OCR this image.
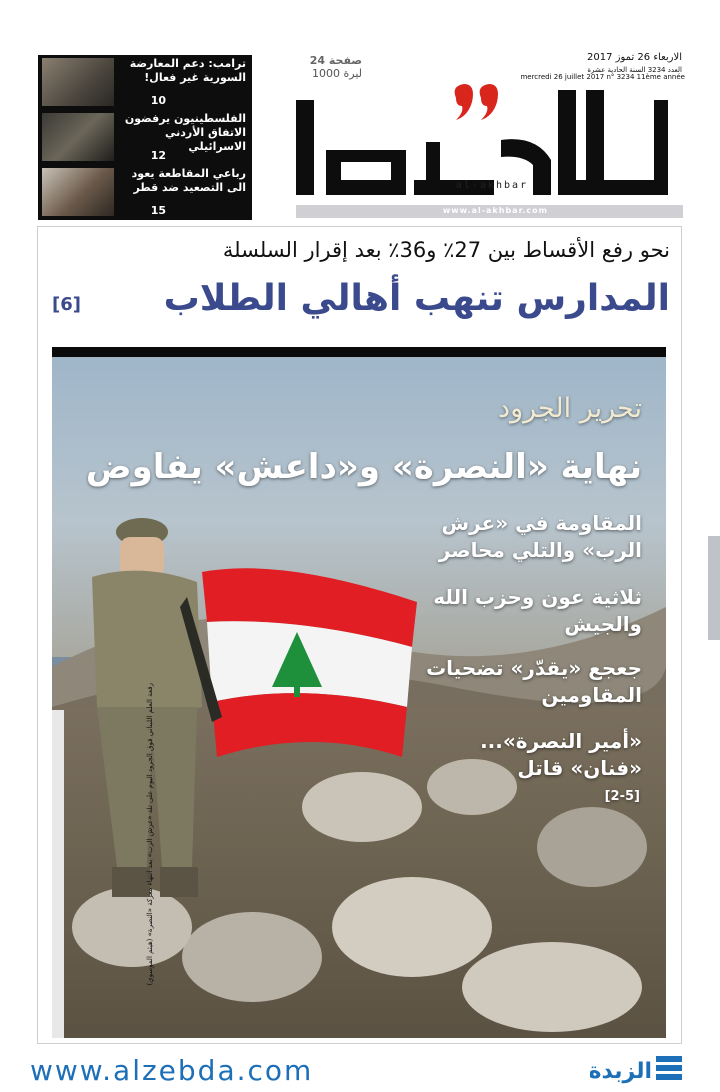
ترامب: دعم المعارضة السورية غير فعال!
10
الفلسطينيون يرفضون الاتفاق الأردني الاسرائيلي
12
رباعي المقاطعة يعود الى التصعيد ضد قطر
15
24 صفحة
1000 ليرة
الاربعاء 26 تموز 2017
العدد 3234 السنة الحادية عشرة
mercredi 26 juillet 2017 n° 3234 11ème année
al-akhbar
www.al-akhbar.com
نحو رفع الأقساط بين 27٪ و36٪ بعد إقرار السلسلة
المدارس تنهب أهالي الطلاب
[6]
رفعة العلم اللبناني فوق الجرود اليوم على تلة «عرش الرب» بعد انتهاء معركة «النصرة» (هيثم الموسوي)
تحرير الجرود
نهاية «النصرة» و«داعش» يفاوض
المقاومة في «عرش الرب» والتلي محاصر
ثلاثية عون وحزب الله والجيش
جعجع «يقدّر» تضحيات المقاومين
«أمير النصرة»... «فنان» قاتل
[2-5]
www.alzebda.com	الزبدة
